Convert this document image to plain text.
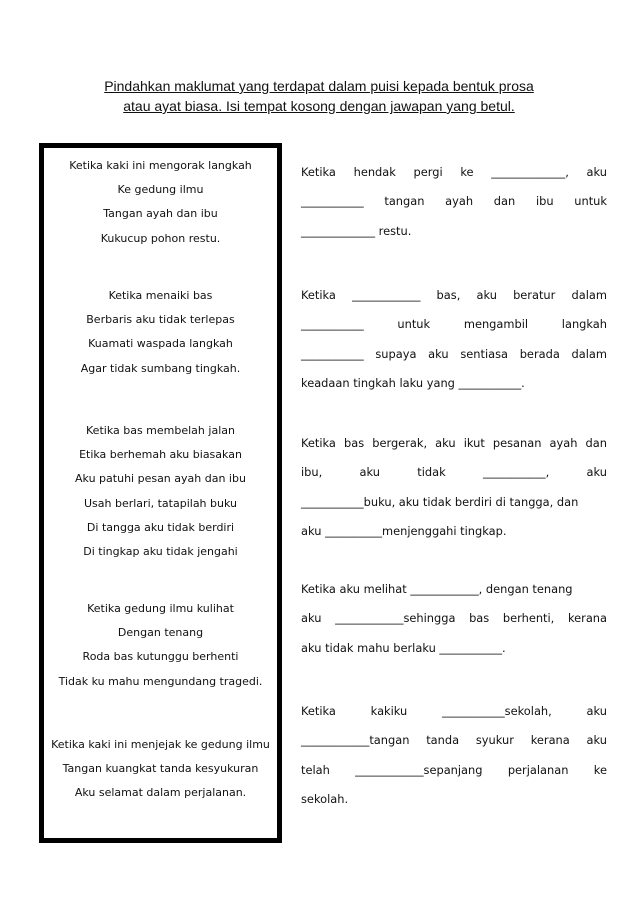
Pindahkan maklumat yang terdapat dalam puisi kepada bentuk prosa
atau ayat biasa. Isi tempat kosong dengan jawapan yang betul.
Ketika kaki ini mengorak langkah
Ke gedung ilmu
Tangan ayah dan ibu
Kukucup pohon restu.
Ketika menaiki bas
Berbaris aku tidak terlepas
Kuamati waspada langkah
Agar tidak sumbang tingkah.
Ketika bas membelah jalan
Etika berhemah aku biasakan
Aku patuhi pesan ayah dan ibu
Usah berlari, tatapilah buku
Di tangga aku tidak berdiri
Di tingkap aku tidak jengahi
Ketika gedung ilmu kulihat
Dengan tenang
Roda bas kutunggu berhenti
Tidak ku mahu mengundang tragedi.
Ketika kaki ini menjejak ke gedung ilmu
Tangan kuangkat tanda kesyukuran
Aku selamat dalam perjalanan.
Ketika hendak pergi ke _____________, aku
___________ tangan ayah dan ibu untuk
_____________ restu.
Ketika ____________ bas, aku beratur dalam
___________	untuk	mengambil	langkah
___________ supaya aku sentiasa berada dalam
keadaan tingkah laku yang ___________.
Ketika bas bergerak, aku ikut pesanan ayah dan
ibu,	aku	tidak	___________,	aku
___________buku, aku tidak berdiri di tangga, dan
aku __________menjenggahi tingkap.
Ketika aku melihat ____________, dengan tenang
aku ____________sehingga bas berhenti, kerana
aku tidak mahu berlaku ___________.
Ketika	kakiku	___________sekolah,	aku
____________tangan tanda syukur kerana aku
telah ____________sepanjang perjalanan ke
sekolah.
